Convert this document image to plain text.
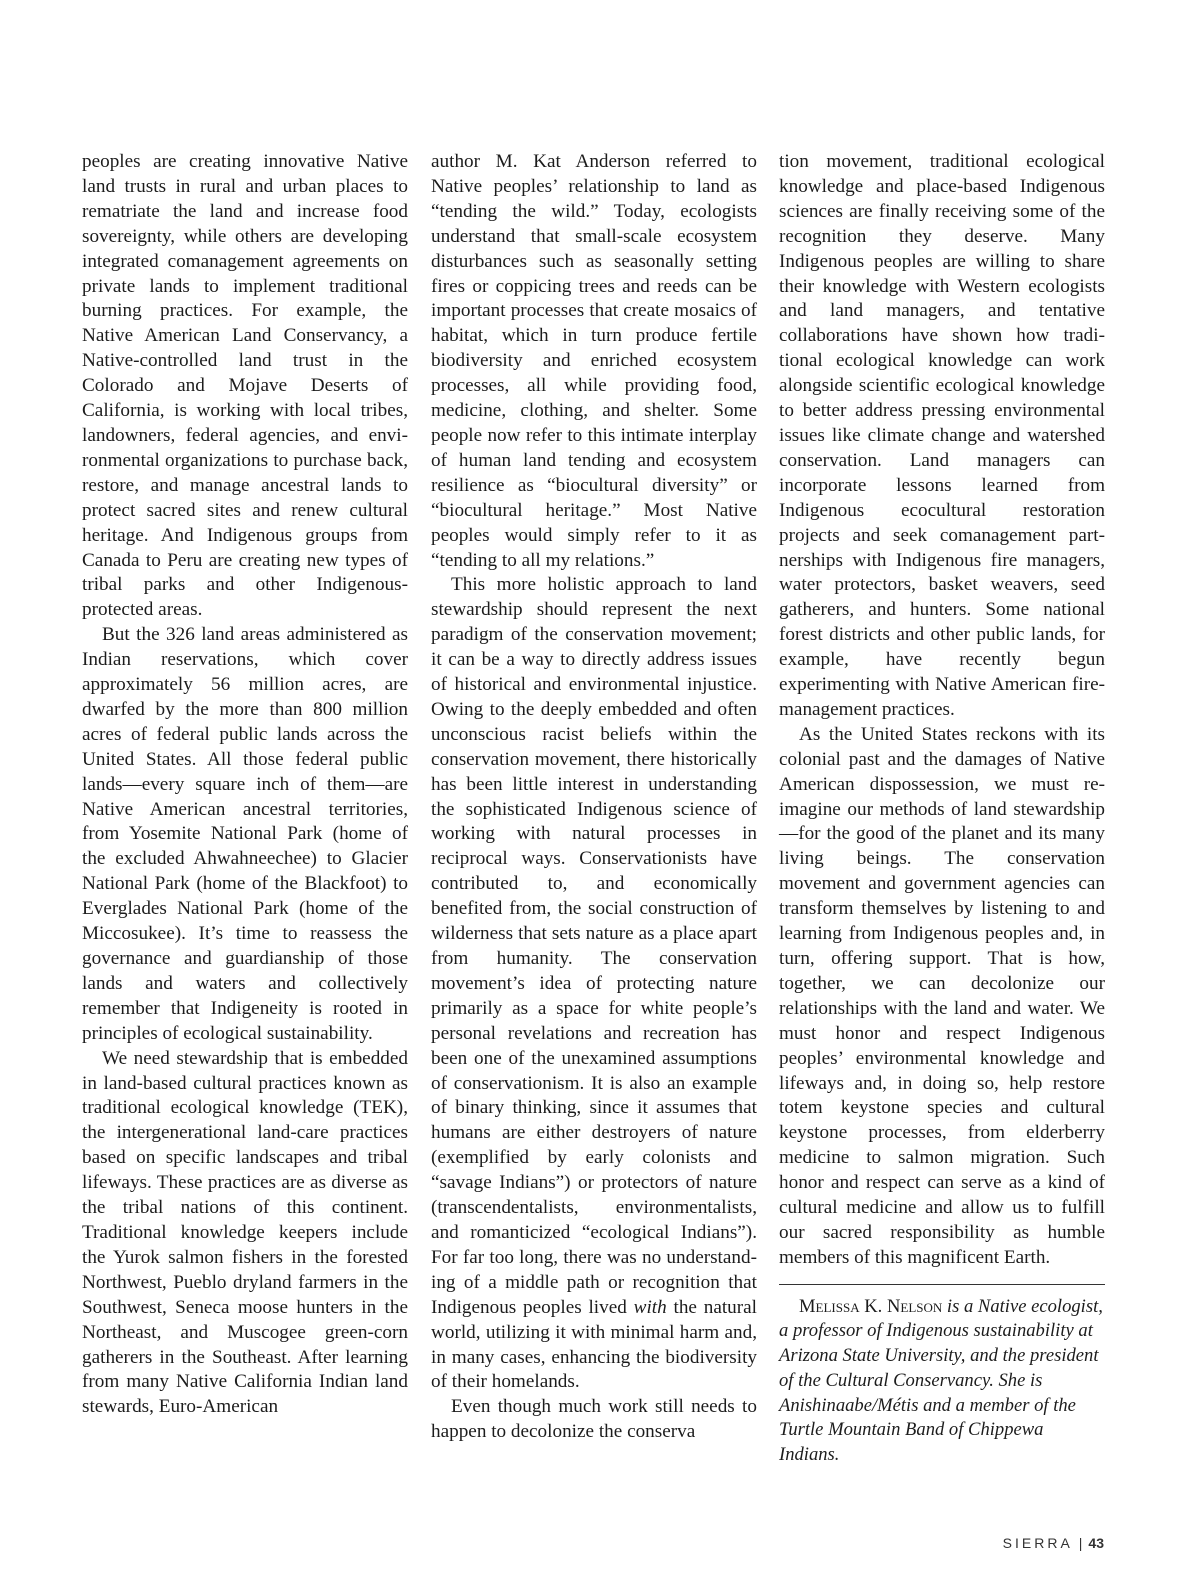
peoples are creating innovative Native land trusts in rural and urban places to rematriate the land and increase food sovereignty, while others are developing integrated comanagement agreements on private lands to implement traditional burning practices. For example, the Native American Land Conservancy, a Native-controlled land trust in the Colorado and Mojave Deserts of California, is working with local tribes, landowners, federal agencies, and environmental organizations to purchase back, restore, and manage ancestral lands to protect sacred sites and renew cultural heritage. And Indigenous groups from Canada to Peru are creating new types of tribal parks and other Indigenous-protected areas.

But the 326 land areas administered as Indian reservations, which cover approximately 56 million acres, are dwarfed by the more than 800 million acres of federal public lands across the United States. All those federal public lands—every square inch of them—are Native American ancestral territories, from Yosemite National Park (home of the excluded Ahwahneechee) to Glacier National Park (home of the Blackfoot) to Everglades National Park (home of the Miccosukee). It’s time to reassess the governance and guardianship of those lands and waters and collectively remember that Indigeneity is rooted in principles of ecological sustainability.

We need stewardship that is embedded in land-based cultural practices known as traditional ecological knowledge (TEK), the intergenerational land-care practices based on specific landscapes and tribal lifeways. These practices are as diverse as the tribal nations of this continent. Traditional knowledge keepers include the Yurok salmon fishers in the forested Northwest, Pueblo dryland farmers in the Southwest, Seneca moose hunters in the Northeast, and Muscogee green-corn gatherers in the Southeast. After learning from many Native California Indian land stewards, Euro-American

author M. Kat Anderson referred to Native peoples’ relationship to land as “tending the wild.” Today, ecologists understand that small-scale ecosystem disturbances such as seasonally setting fires or coppicing trees and reeds can be important processes that create mosaics of habitat, which in turn produce fertile biodiversity and enriched ecosystem processes, all while providing food, medicine, clothing, and shelter. Some people now refer to this intimate interplay of human land tending and ecosystem resilience as “biocultural diversity” or “biocultural heritage.” Most Native peoples would simply refer to it as “tending to all my relations.”

This more holistic approach to land stewardship should represent the next paradigm of the conservation movement; it can be a way to directly address issues of historical and environmental injustice. Owing to the deeply embedded and often unconscious racist beliefs within the conservation movement, there historically has been little interest in understanding the sophisticated Indigenous science of working with natural processes in reciprocal ways. Conservationists have contributed to, and economically benefited from, the social construction of wilderness that sets nature as a place apart from humanity. The conservation movement’s idea of protecting nature primarily as a space for white people’s personal revelations and recreation has been one of the unexamined assumptions of conservationism. It is also an example of binary thinking, since it assumes that humans are either destroyers of nature (exemplified by early colonists and “savage Indians”) or protectors of nature (transcendentalists, environmentalists, and romanticized “ecological Indians”). For far too long, there was no understanding of a middle path or recognition that Indigenous peoples lived with the natural world, utilizing it with minimal harm and, in many cases, enhancing the biodiversity of their homelands.

Even though much work still needs to happen to decolonize the conserva

tion movement, traditional ecological knowledge and place-based Indigenous sciences are finally receiving some of the recognition they deserve. Many Indigenous peoples are willing to share their knowledge with Western ecologists and land managers, and tentative collaborations have shown how traditional ecological knowledge can work alongside scientific ecological knowledge to better address pressing environmental issues like climate change and watershed conservation. Land managers can incorporate lessons learned from Indigenous ecocultural restoration projects and seek comanagement partnerships with Indigenous fire managers, water protectors, basket weavers, seed gatherers, and hunters. Some national forest districts and other public lands, for example, have recently begun experimenting with Native American fire-management practices.

As the United States reckons with its colonial past and the damages of Native American dispossession, we must reimagine our methods of land stewardship—for the good of the planet and its many living beings. The conservation movement and government agencies can transform themselves by listening to and learning from Indigenous peoples and, in turn, offering support. That is how, together, we can decolonize our relationships with the land and water. We must honor and respect Indigenous peoples’ environmental knowledge and lifeways and, in doing so, help restore totem keystone species and cultural keystone processes, from elderberry medicine to salmon migration. Such honor and respect can serve as a kind of cultural medicine and allow us to fulfill our sacred responsibility as humble members of this magnificent Earth.

Melissa K. Nelson is a Native ecologist, a professor of Indigenous sustainability at Arizona State University, and the president of the Cultural Conservancy. She is Anishinaabe/Métis and a member of the Turtle Mountain Band of Chippewa Indians.

SIERRA | 43
